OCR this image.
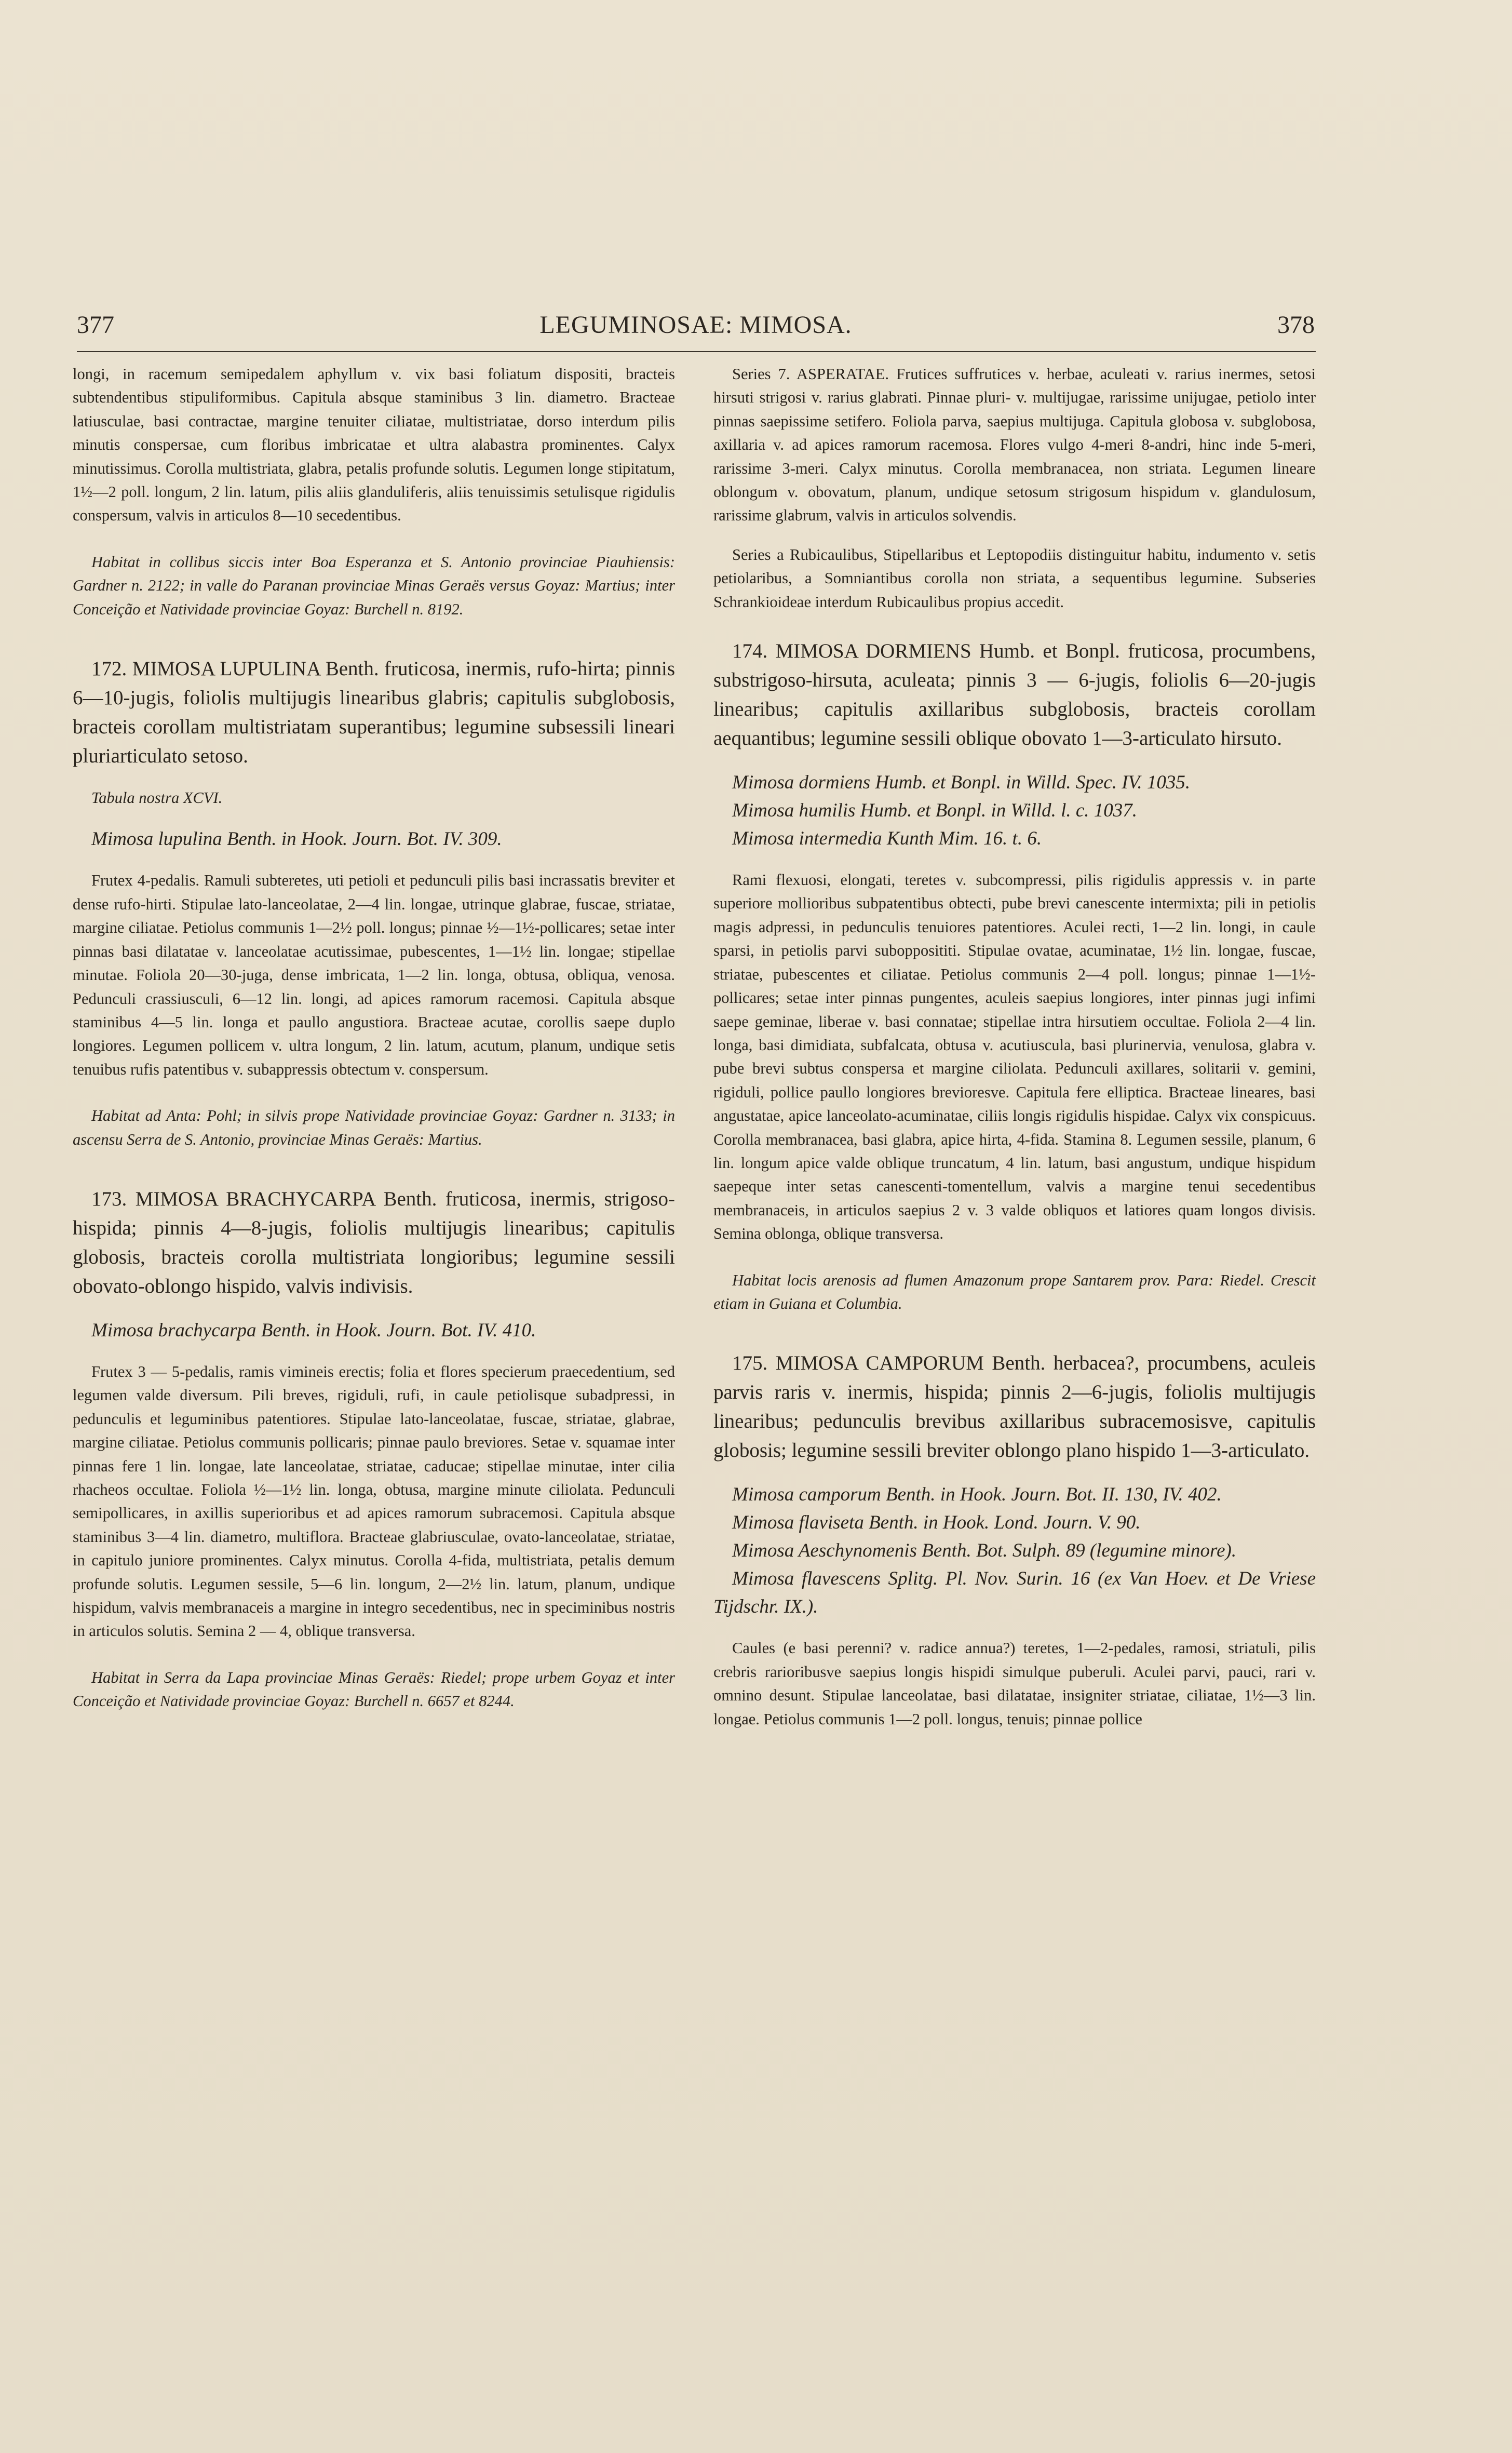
377	LEGUMINOSAE: MIMOSA.	378

longi, in racemum semipedalem aphyllum v. vix basi foliatum dispositi, bracteis subtendentibus stipuliformibus. Capitula absque staminibus 3 lin. diametro. Bracteae latiusculae, basi contractae, margine tenuiter ciliatae, multistriatae, dorso interdum pilis minutis conspersae, cum floribus imbricatae et ultra alabastra prominentes. Calyx minutissimus. Corolla multistriata, glabra, petalis profunde solutis. Legumen longe stipitatum, 1½—2 poll. longum, 2 lin. latum, pilis aliis glanduliferis, aliis tenuissimis setulisque rigidulis conspersum, valvis in articulos 8—10 secedentibus.

Habitat in collibus siccis inter Boa Esperanza et S. Antonio provinciae Piauhiensis: Gardner n. 2122; in valle do Paranan provinciae Minas Geraës versus Goyaz: Martius; inter Conceição et Natividade provinciae Goyaz: Burchell n. 8192.

172. MIMOSA LUPULINA Benth. fruticosa, inermis, rufo-hirta; pinnis 6—10-jugis, foliolis multijugis linearibus glabris; capitulis subglobosis, bracteis corollam multistriatam superantibus; legumine subsessili lineari pluriarticulato setoso.

Tabula nostra XCVI.

Mimosa lupulina Benth. in Hook. Journ. Bot. IV. 309.

Frutex 4-pedalis. Ramuli subteretes, uti petioli et pedunculi pilis basi incrassatis breviter et dense rufo-hirti. Stipulae lato-lanceolatae, 2—4 lin. longae, utrinque glabrae, fuscae, striatae, margine ciliatae. Petiolus communis 1—2½ poll. longus; pinnae ½—1½-pollicares; setae inter pinnas basi dilatatae v. lanceolatae acutissimae, pubescentes, 1—1½ lin. longae; stipellae minutae. Foliola 20—30-juga, dense imbricata, 1—2 lin. longa, obtusa, obliqua, venosa. Pedunculi crassiusculi, 6—12 lin. longi, ad apices ramorum racemosi. Capitula absque staminibus 4—5 lin. longa et paullo angustiora. Bracteae acutae, corollis saepe duplo longiores. Legumen pollicem v. ultra longum, 2 lin. latum, acutum, planum, undique setis tenuibus rufis patentibus v. subappressis obtectum v. conspersum.

Habitat ad Anta: Pohl; in silvis prope Natividade provinciae Goyaz: Gardner n. 3133; in ascensu Serra de S. Antonio, provinciae Minas Geraës: Martius.

173. MIMOSA BRACHYCARPA Benth. fruticosa, inermis, strigoso-hispida; pinnis 4—8-jugis, foliolis multijugis linearibus; capitulis globosis, bracteis corolla multistriata longioribus; legumine sessili obovato-oblongo hispido, valvis indivisis.

Mimosa brachycarpa Benth. in Hook. Journ. Bot. IV. 410.

Frutex 3 — 5-pedalis, ramis vimineis erectis; folia et flores specierum praecedentium, sed legumen valde diversum. Pili breves, rigiduli, rufi, in caule petiolisque subadpressi, in pedunculis et leguminibus patentiores. Stipulae lato-lanceolatae, fuscae, striatae, glabrae, margine ciliatae. Petiolus communis pollicaris; pinnae paulo breviores. Setae v. squamae inter pinnas fere 1 lin. longae, late lanceolatae, striatae, caducae; stipellae minutae, inter cilia rhacheos occultae. Foliola ½—1½ lin. longa, obtusa, margine minute ciliolata. Pedunculi semipollicares, in axillis superioribus et ad apices ramorum subracemosi. Capitula absque staminibus 3—4 lin. diametro, multiflora. Bracteae glabriusculae, ovato-lanceolatae, striatae, in capitulo juniore prominentes. Calyx minutus. Corolla 4-fida, multistriata, petalis demum profunde solutis. Legumen sessile, 5—6 lin. longum, 2—2½ lin. latum, planum, undique hispidum, valvis membranaceis a margine in integro secedentibus, nec in speciminibus nostris in articulos solutis. Semina 2 — 4, oblique transversa.

Habitat in Serra da Lapa provinciae Minas Geraës: Riedel; prope urbem Goyaz et inter Conceição et Natividade provinciae Goyaz: Burchell n. 6657 et 8244.

Series 7. ASPERATAE. Frutices suffrutices v. herbae, aculeati v. rarius inermes, setosi hirsuti strigosi v. rarius glabrati. Pinnae pluri- v. multijugae, rarissime unijugae, petiolo inter pinnas saepissime setifero. Foliola parva, saepius multijuga. Capitula globosa v. subglobosa, axillaria v. ad apices ramorum racemosa. Flores vulgo 4-meri 8-andri, hinc inde 5-meri, rarissime 3-meri. Calyx minutus. Corolla membranacea, non striata. Legumen lineare oblongum v. obovatum, planum, undique setosum strigosum hispidum v. glandulosum, rarissime glabrum, valvis in articulos solvendis.

Series a Rubicaulibus, Stipellaribus et Leptopodiis distinguitur habitu, indumento v. setis petiolaribus, a Somniantibus corolla non striata, a sequentibus legumine. Subseries Schrankioideae interdum Rubicaulibus propius accedit.

174. MIMOSA DORMIENS Humb. et Bonpl. fruticosa, procumbens, substrigoso-hirsuta, aculeata; pinnis 3 — 6-jugis, foliolis 6—20-jugis linearibus; capitulis axillaribus subglobosis, bracteis corollam aequantibus; legumine sessili oblique obovato 1—3-articulato hirsuto.

Mimosa dormiens Humb. et Bonpl. in Willd. Spec. IV. 1035.

Mimosa humilis Humb. et Bonpl. in Willd. l. c. 1037.

Mimosa intermedia Kunth Mim. 16. t. 6.

Rami flexuosi, elongati, teretes v. subcompressi, pilis rigidulis appressis v. in parte superiore mollioribus subpatentibus obtecti, pube brevi canescente intermixta; pili in petiolis magis adpressi, in pedunculis tenuiores patentiores. Aculei recti, 1—2 lin. longi, in caule sparsi, in petiolis parvi subopposititi. Stipulae ovatae, acuminatae, 1½ lin. longae, fuscae, striatae, pubescentes et ciliatae. Petiolus communis 2—4 poll. longus; pinnae 1—1½-pollicares; setae inter pinnas pungentes, aculeis saepius longiores, inter pinnas jugi infimi saepe geminae, liberae v. basi connatae; stipellae intra hirsutiem occultae. Foliola 2—4 lin. longa, basi dimidiata, subfalcata, obtusa v. acutiuscula, basi plurinervia, venulosa, glabra v. pube brevi subtus conspersa et margine ciliolata. Pedunculi axillares, solitarii v. gemini, rigiduli, pollice paullo longiores brevioresve. Capitula fere elliptica. Bracteae lineares, basi angustatae, apice lanceolato-acuminatae, ciliis longis rigidulis hispidae. Calyx vix conspicuus. Corolla membranacea, basi glabra, apice hirta, 4-fida. Stamina 8. Legumen sessile, planum, 6 lin. longum apice valde oblique truncatum, 4 lin. latum, basi angustum, undique hispidum saepeque inter setas canescenti-tomentellum, valvis a margine tenui secedentibus membranaceis, in articulos saepius 2 v. 3 valde obliquos et latiores quam longos divisis. Semina oblonga, oblique transversa.

Habitat locis arenosis ad flumen Amazonum prope Santarem prov. Para: Riedel. Crescit etiam in Guiana et Columbia.

175. MIMOSA CAMPORUM Benth. herbacea?, procumbens, aculeis parvis raris v. inermis, hispida; pinnis 2—6-jugis, foliolis multijugis linearibus; pedunculis brevibus axillaribus subracemosisve, capitulis globosis; legumine sessili breviter oblongo plano hispido 1—3-articulato.

Mimosa camporum Benth. in Hook. Journ. Bot. II. 130, IV. 402.

Mimosa flaviseta Benth. in Hook. Lond. Journ. V. 90.

Mimosa Aeschynomenis Benth. Bot. Sulph. 89 (legumine minore).

Mimosa flavescens Splitg. Pl. Nov. Surin. 16 (ex Van Hoev. et De Vriese Tijdschr. IX.).

Caules (e basi perenni? v. radice annua?) teretes, 1—2-pedales, ramosi, striatuli, pilis crebris rarioribusve saepius longis hispidi simulque puberuli. Aculei parvi, pauci, rari v. omnino desunt. Stipulae lanceolatae, basi dilatatae, insigniter striatae, ciliatae, 1½—3 lin. longae. Petiolus communis 1—2 poll. longus, tenuis; pinnae pollice
